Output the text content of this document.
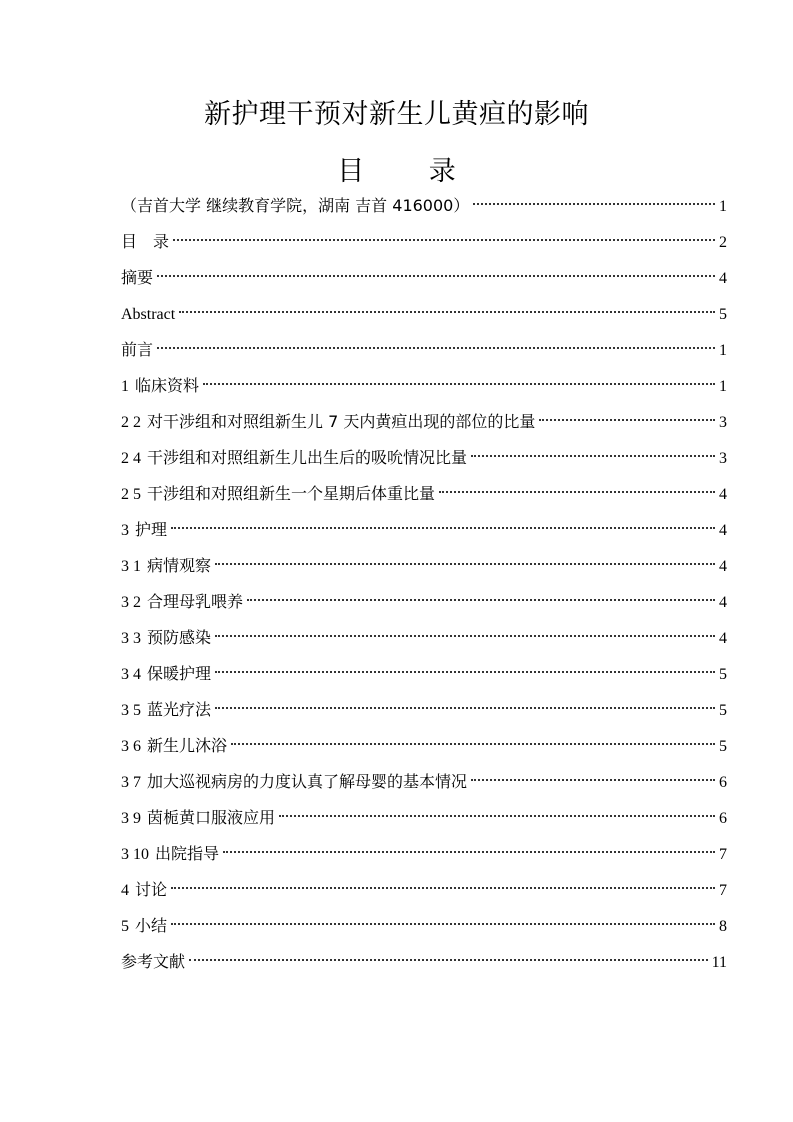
新护理干预对新生儿黄疸的影响
目 录
（吉首大学 继续教育学院，湖南 吉首 416000）	1
目　录	2
摘要	4
Abstract	5
前言	1
1 临床资料	1
2 2 对干涉组和对照组新生儿 7 天内黄疸出现的部位的比量	3
2 4 干涉组和对照组新生儿出生后的吸吮情况比量	3
2 5 干涉组和对照组新生一个星期后体重比量	4
3 护理	4
3 1 病情观察	4
3 2 合理母乳喂养	4
3 3 预防感染	4
3 4 保暖护理	5
3 5 蓝光疗法	5
3 6 新生儿沐浴	5
3 7 加大巡视病房的力度认真了解母婴的基本情况	6
3 9 茵栀黄口服液应用	6
3 10 出院指导	7
4 讨论	7
5 小结	8
参考文献	11
